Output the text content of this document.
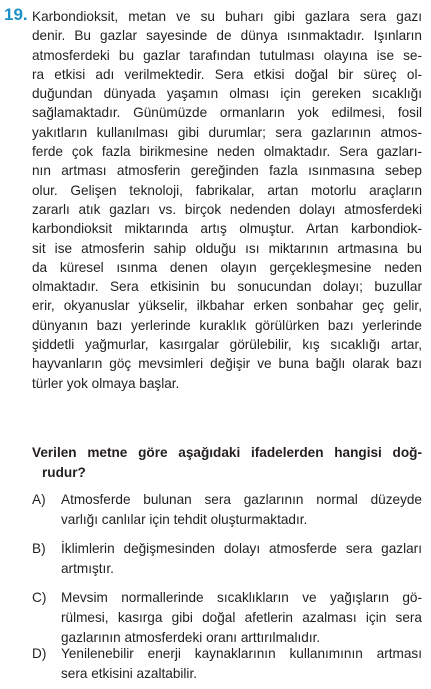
19. Karbondioksit, metan ve su buharı gibi gazlara sera gazı
denir. Bu gazlar sayesinde de dünya ısınmaktadır. Işınların
atmosferdeki bu gazlar tarafından tutulması olayına ise se-
ra etkisi adı verilmektedir. Sera etkisi doğal bir süreç ol-
duğundan dünyada yaşamın olması için gereken sıcaklığı
sağlamaktadır. Günümüzde ormanların yok edilmesi, fosil
yakıtların kullanılması gibi durumlar; sera gazlarının atmos-
ferde çok fazla birikmesine neden olmaktadır. Sera gazları-
nın artması atmosferin gereğinden fazla ısınmasına sebep
olur. Gelişen teknoloji, fabrikalar, artan motorlu araçların
zararlı atık gazları vs. birçok nedenden dolayı atmosferdeki
karbondioksit miktarında artış olmuştur. Artan karbondiok-
sit ise atmosferin sahip olduğu ısı miktarının artmasına bu
da küresel ısınma denen olayın gerçekleşmesine neden
olmaktadır. Sera etkisinin bu sonucundan dolayı; buzullar
erir, okyanuslar yükselir, ilkbahar erken sonbahar geç gelir,
dünyanın bazı yerlerinde kuraklık görülürken bazı yerlerinde
şiddetli yağmurlar, kasırgalar görülebilir, kış sıcaklığı artar,
hayvanların göç mevsimleri değişir ve buna bağlı olarak bazı
türler yok olmaya başlar.

Verilen metne göre aşağıdaki ifadelerden hangisi doğ-
rudur?
A)	Atmosferde bulunan sera gazlarının normal düzeyde
varlığı canlılar için tehdit oluşturmaktadır.
B)	İklimlerin değişmesinden dolayı atmosferde sera gazları
artmıştır.
C)	Mevsim normallerinde sıcaklıkların ve yağışların gö-
rülmesi, kasırga gibi doğal afetlerin azalması için sera
gazlarının atmosferdeki oranı arttırılmalıdır.
D)	Yenilenebilir enerji kaynaklarının kullanımının artması
sera etkisini azaltabilir.
